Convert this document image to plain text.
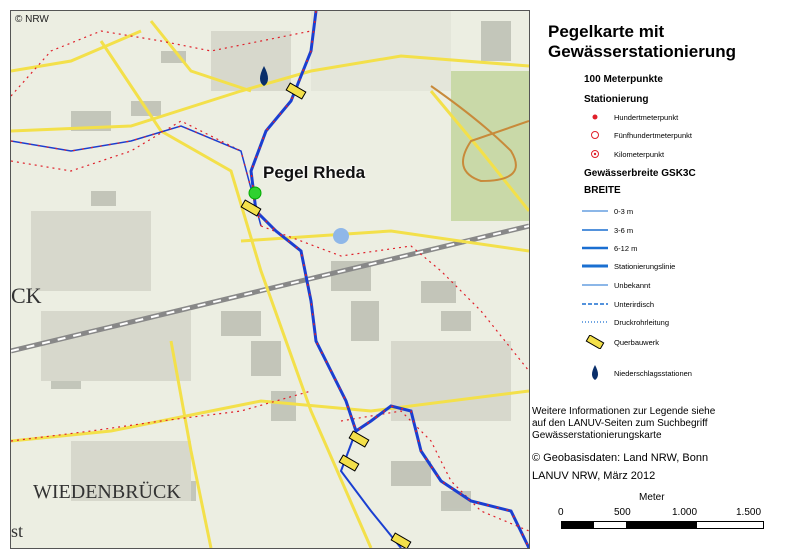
© NRW
Pegel Rheda
WIEDENBRÜCK
CK
st
Pegelkarte mit
Gewässerstationierung
100 Meterpunkte
Stationierung
Hundertmeterpunkt
Fünfhundertmeterpunkt
Kilometerpunkt
Gewässerbreite GSK3C
BREITE
0-3 m
3-6 m
6-12 m
Stationierungslinie
Unbekannt
Unterirdisch
Druckrohrleitung
Querbauwerk
Niederschlagsstationen
Weitere Informationen zur Legende siehe
auf den LANUV-Seiten zum Suchbegriff
Gewässerstationierungskarte
© Geobasisdaten: Land NRW, Bonn
LANUV NRW, März 2012
Meter
0	500	1.000	1.500
